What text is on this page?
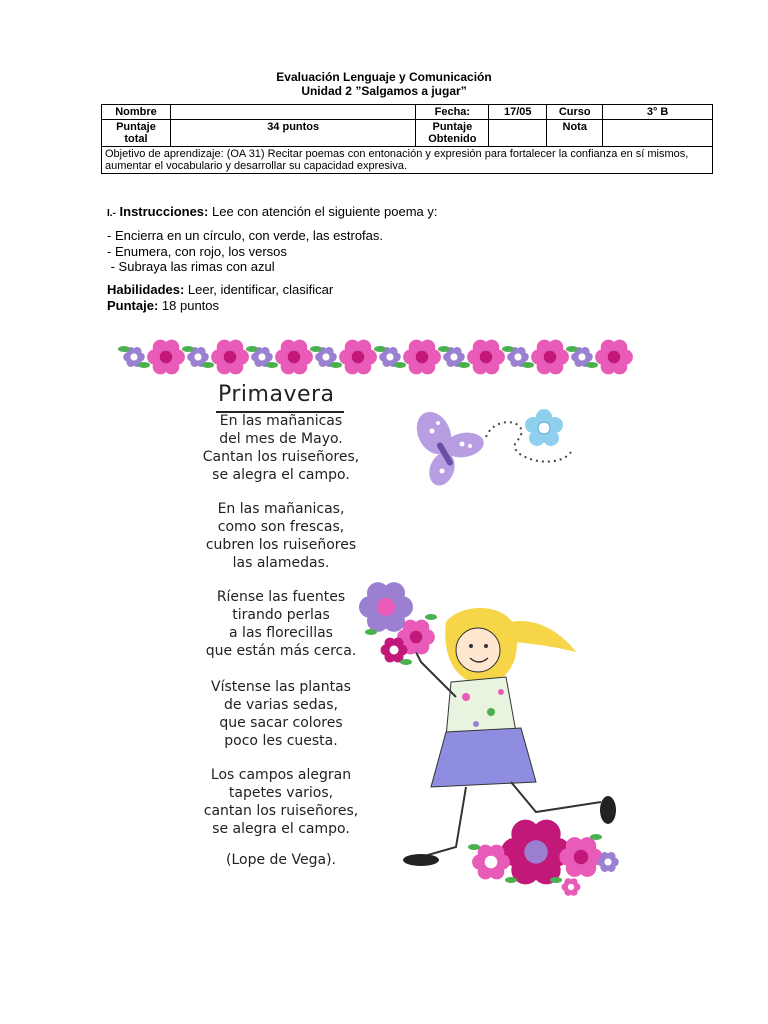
Evaluación Lenguaje y Comunicación
Unidad 2 ”Salgamos a jugar”
Nombre		Fecha:	17/05	Curso	3° B
Puntaje total	34 puntos	Puntaje Obtenido		Nota	
Objetivo de aprendizaje: (OA 31) Recitar poemas con entonación y expresión para fortalecer la confianza en sí mismos, aumentar el vocabulario y desarrollar su capacidad expresiva.					
I.- Instrucciones: Lee con atención el siguiente poema y:
- Encierra en un círculo, con verde, las estrofas.
- Enumera, con rojo, los versos
- Subraya las rimas con azul
Habilidades: Leer, identificar, clasificar
Puntaje: 18 puntos
Primavera
En las mañanicas
del mes de Mayo.
Cantan los ruiseñores,
se alegra el campo.
En las mañanicas,
como son frescas,
cubren los ruiseñores
las alamedas.
Ríense las fuentes
tirando perlas
a las florecillas
que están más cerca.
Vístense las plantas
de varias sedas,
que sacar colores
poco les cuesta.
Los campos alegran
tapetes varios,
cantan los ruiseñores,
se alegra el campo.
(Lope de Vega).
